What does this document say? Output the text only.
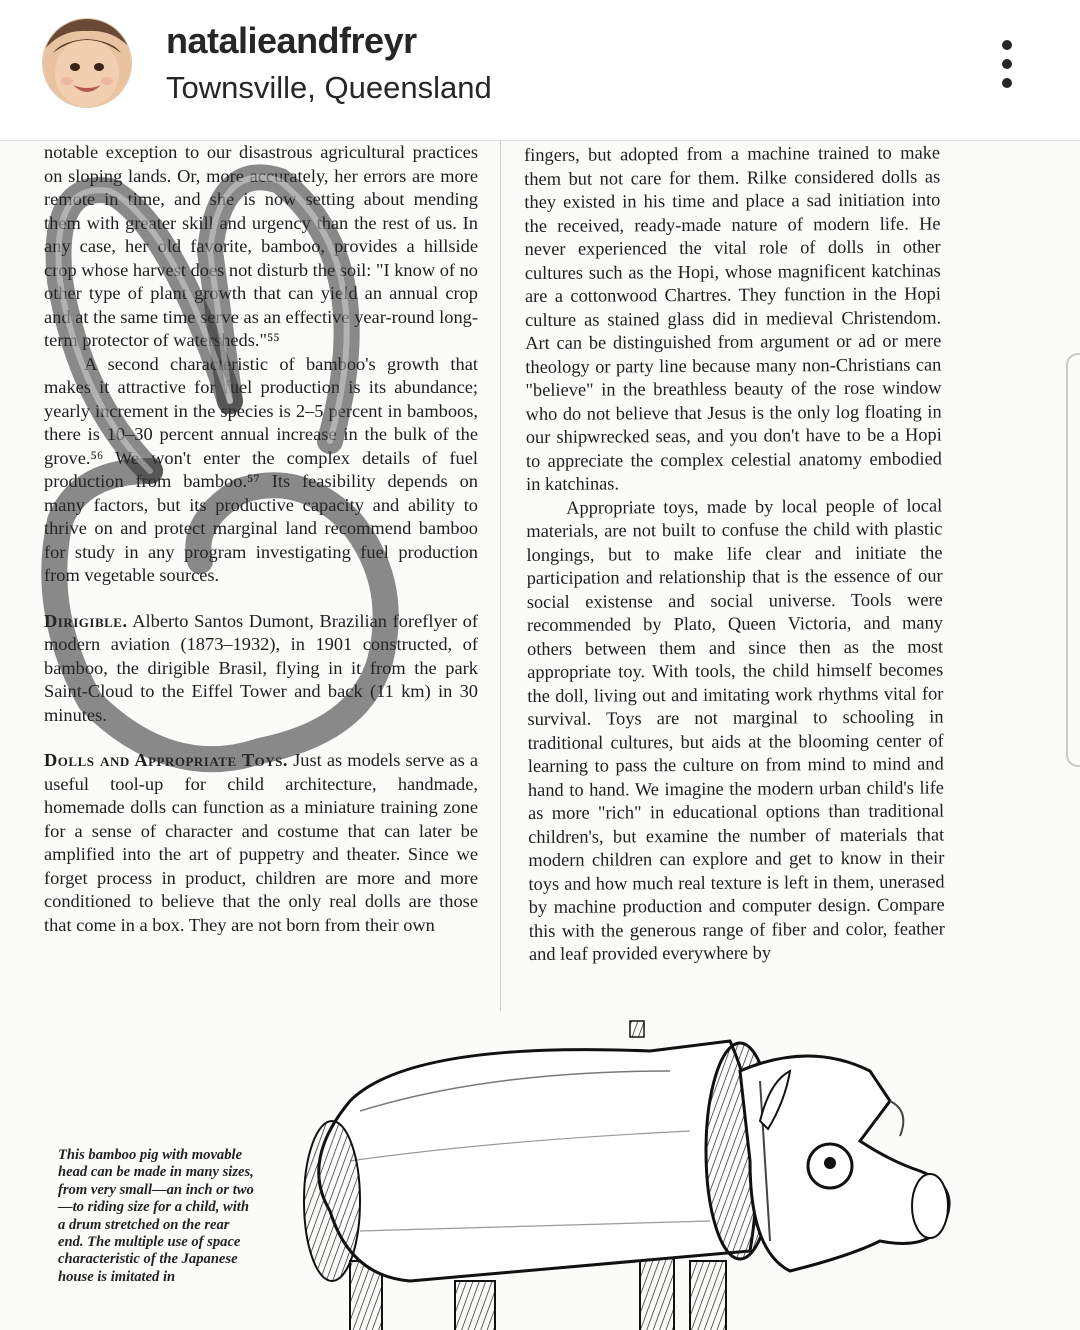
natalieandfreyr
Townsville, Queensland

notable exception to our disastrous agricultural practices on sloping lands. Or, more accurately, her errors are more remote in time, and she is now setting about mending them with greater skill and urgency than the rest of us. In any case, her old favorite, bamboo, provides a hillside crop whose harvest does not disturb the soil: "I know of no other type of plant growth that can yield an annual crop and at the same time serve as an effective year-round long-term protector of watersheds."⁵⁵

A second characteristic of bamboo's growth that makes it attractive for fuel production is its abundance; yearly increment in the species is 2–5 percent in bamboos, there is 10–30 percent annual increase in the bulk of the grove.⁵⁶ We won't enter the complex details of fuel production from bamboo.⁵⁷ Its feasibility depends on many factors, but its productive capacity and ability to thrive on and protect marginal land recommend bamboo for study in any program investigating fuel production from vegetable sources.

Dirigible. Alberto Santos Dumont, Brazilian foreflyer of modern aviation (1873–1932), in 1901 constructed, of bamboo, the dirigible Brasil, flying in it from the park Saint-Cloud to the Eiffel Tower and back (11 km) in 30 minutes.

Dolls and Appropriate Toys. Just as models serve as a useful tool-up for child architecture, handmade, homemade dolls can function as a miniature training zone for a sense of character and costume that can later be amplified into the art of puppetry and theater. Since we forget process in product, children are more and more conditioned to believe that the only real dolls are those that come in a box. They are not born from their own

fingers, but adopted from a machine trained to make them but not care for them. Rilke considered dolls as they existed in his time and place a sad initiation into the received, ready-made nature of modern life. He never experienced the vital role of dolls in other cultures such as the Hopi, whose magnificent katchinas are a cottonwood Chartres. They function in the Hopi culture as stained glass did in medieval Christendom. Art can be distinguished from argument or ad or mere theology or party line because many non-Christians can "believe" in the breathless beauty of the rose window who do not believe that Jesus is the only log floating in our shipwrecked seas, and you don't have to be a Hopi to appreciate the complex celestial anatomy embodied in katchinas.

Appropriate toys, made by local people of local materials, are not built to confuse the child with plastic longings, but to make life clear and initiate the participation and relationship that is the essence of our social existense and social universe. Tools were recommended by Plato, Queen Victoria, and many others between them and since then as the most appropriate toy. With tools, the child himself becomes the doll, living out and imitating work rhythms vital for survival. Toys are not marginal to schooling in traditional cultures, but aids at the blooming center of learning to pass the culture on from mind to mind and hand to hand. We imagine the modern urban child's life as more "rich" in educational options than traditional children's, but examine the number of materials that modern children can explore and get to know in their toys and how much real texture is left in them, unerased by machine production and computer design. Compare this with the generous range of fiber and color, feather and leaf provided everywhere by

This bamboo pig with movable head can be made in many sizes, from very small—an inch or two—to riding size for a child, with a drum stretched on the rear end. The multiple use of space characteristic of the Japanese house is imitated in
